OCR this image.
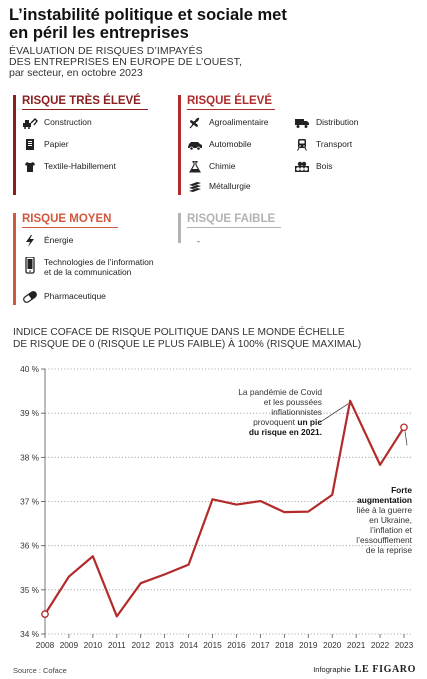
L’instabilité politique et sociale met en péril les entreprises
ÉVALUATION DE RISQUES D’IMPAYÉS
DES ENTREPRISES EN EUROPE DE L’OUEST,
par secteur, en octobre 2023
RISQUE TRÈS ÉLEVÉ
Construction
Papier
Textile-Habillement
RISQUE ÉLEVÉ
Agroalimentaire
Automobile
Chimie
Métallurgie
Distribution
Transport
Bois
RISQUE MOYEN
Énergie
Technologies de l’information
et de la communication
Pharmaceutique
RISQUE FAIBLE
-
INDICE COFACE DE RISQUE POLITIQUE DANS LE MONDE ÉCHELLE
DE RISQUE DE 0 (RISQUE LE PLUS FAIBLE) À 100% (RISQUE MAXIMAL)
34 %
35 %
36 %
37 %
38 %
39 %
40 %
2008 2009 2010 2011 2012 2013 2014 2015 2016 2017 2018 2019 2020 2021 2022 2023
La pandémie de Covid
et les poussées
inflationnistes
provoquent un pic
du risque en 2021.
Forte
augmentation
liée à la guerre
en Ukraine,
l’inflation et
l’essoufflement
de la reprise
Source : Coface	Infographie LE FIGARO
